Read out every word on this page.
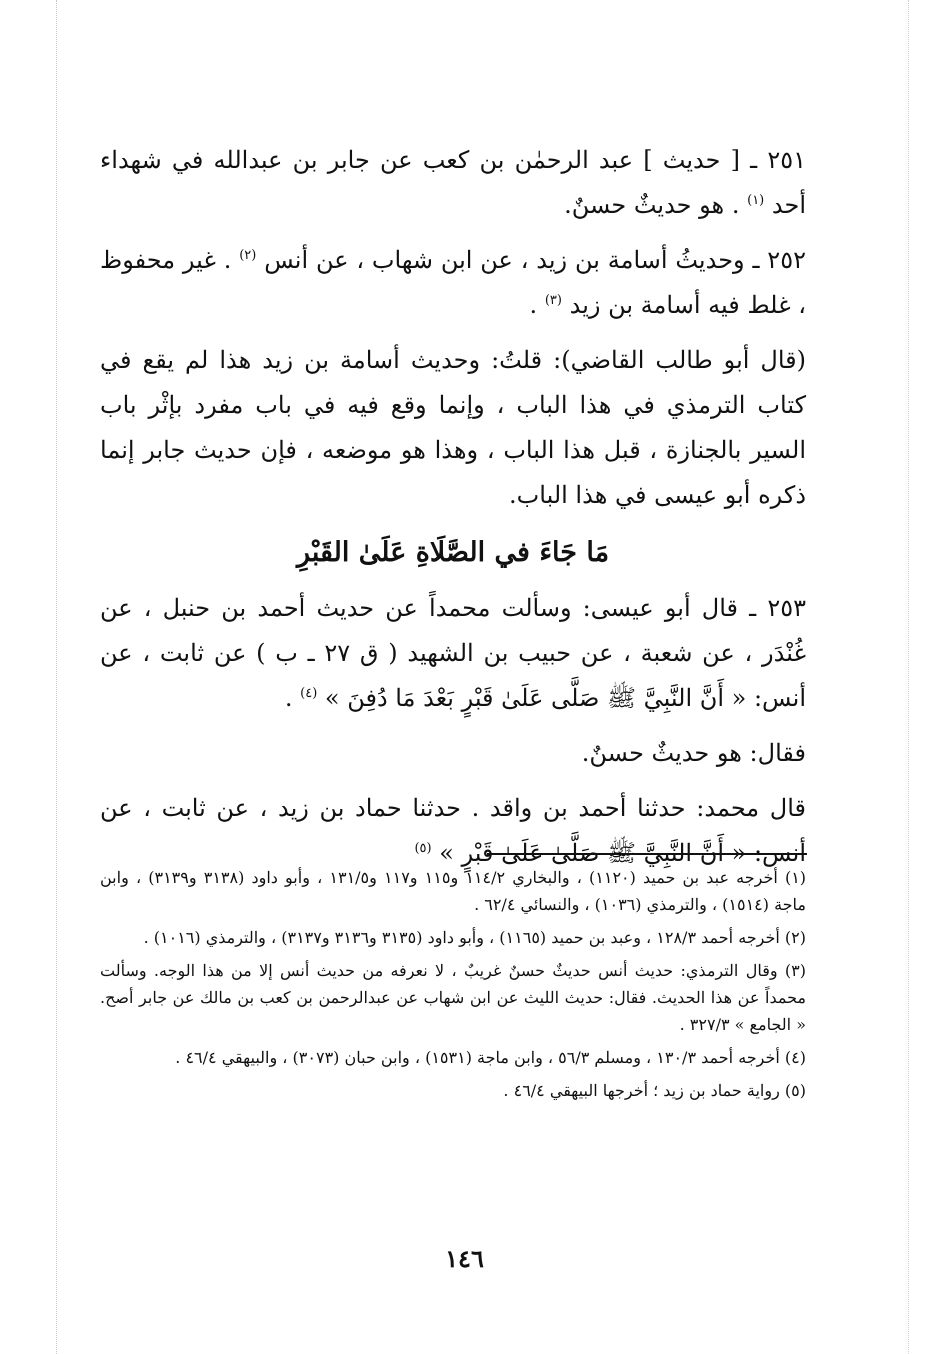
٢٥١ ـ [ حديث ] عبد الرحمٰن بن كعب عن جابر بن عبدالله في شهداء أحد $^{(١)}$ . هو حديثٌ حسنٌ.

٢٥٢ ـ وحديثُ أسامة بن زيد ، عن ابن شهاب ، عن أنس $^{(٢)}$ . غير محفوظ ، غلط فيه أسامة بن زيد $^{(٣)}$ .

(قال أبو طالب القاضي): قلتُ: وحديث أسامة بن زيد هذا لم يقع في كتاب الترمذي في هذا الباب ، وإنما وقع فيه في باب مفرد بإثْر باب السير بالجنازة ، قبل هذا الباب ، وهذا هو موضعه ، فإن حديث جابر إنما ذكره أبو عيسى في هذا الباب.

مَا جَاءَ في الصَّلَاةِ عَلَىٰ القَبْرِ

٢٥٣ ـ قال أبو عيسى: وسألت محمداً عن حديث أحمد بن حنبل ، عن غُنْدَر ، عن شعبة ، عن حبيب بن الشهيد ( ق ٢٧ ـ ب ) عن ثابت ، عن أنس: « أَنَّ النَّبِيَّ ﷺ صَلَّى عَلَىٰ قَبْرٍ بَعْدَ مَا دُفِنَ » $^{(٤)}$ .

فقال: هو حديثٌ حسنٌ.

قال محمد: حدثنا أحمد بن واقد . حدثنا حماد بن زيد ، عن ثابت ، عن أنس: « أَنَّ النَّبِيَّ ﷺ صَلَّىٰ عَلَىٰ قَبْرٍ » $^{(٥)}$

(١) أخرجه عبد بن حميد (١١٢٠) ، والبخاري ١١٤/٢ و١١٥ و١١٧ و١٣١/٥ ، وأبو داود (٣١٣٨ و٣١٣٩) ، وابن ماجة (١٥١٤) ، والترمذي (١٠٣٦) ، والنسائي ٦٢/٤ .

(٢) أخرجه أحمد ١٢٨/٣ ، وعبد بن حميد (١١٦٥) ، وأبو داود (٣١٣٥ و٣١٣٦ و٣١٣٧) ، والترمذي (١٠١٦) .

(٣) وقال الترمذي: حديث أنس حديثٌ حسنٌ غريبٌ ، لا نعرفه من حديث أنس إلا من هذا الوجه. وسألت محمداً عن هذا الحديث. فقال: حديث الليث عن ابن شهاب عن عبدالرحمن بن كعب بن مالك عن جابر أصح. « الجامع » ٣٢٧/٣ .

(٤) أخرجه أحمد ١٣٠/٣ ، ومسلم ٥٦/٣ ، وابن ماجة (١٥٣١) ، وابن حبان (٣٠٧٣) ، والبيهقي ٤٦/٤ .

(٥) رواية حماد بن زيد ؛ أخرجها البيهقي ٤٦/٤ .

١٤٦
